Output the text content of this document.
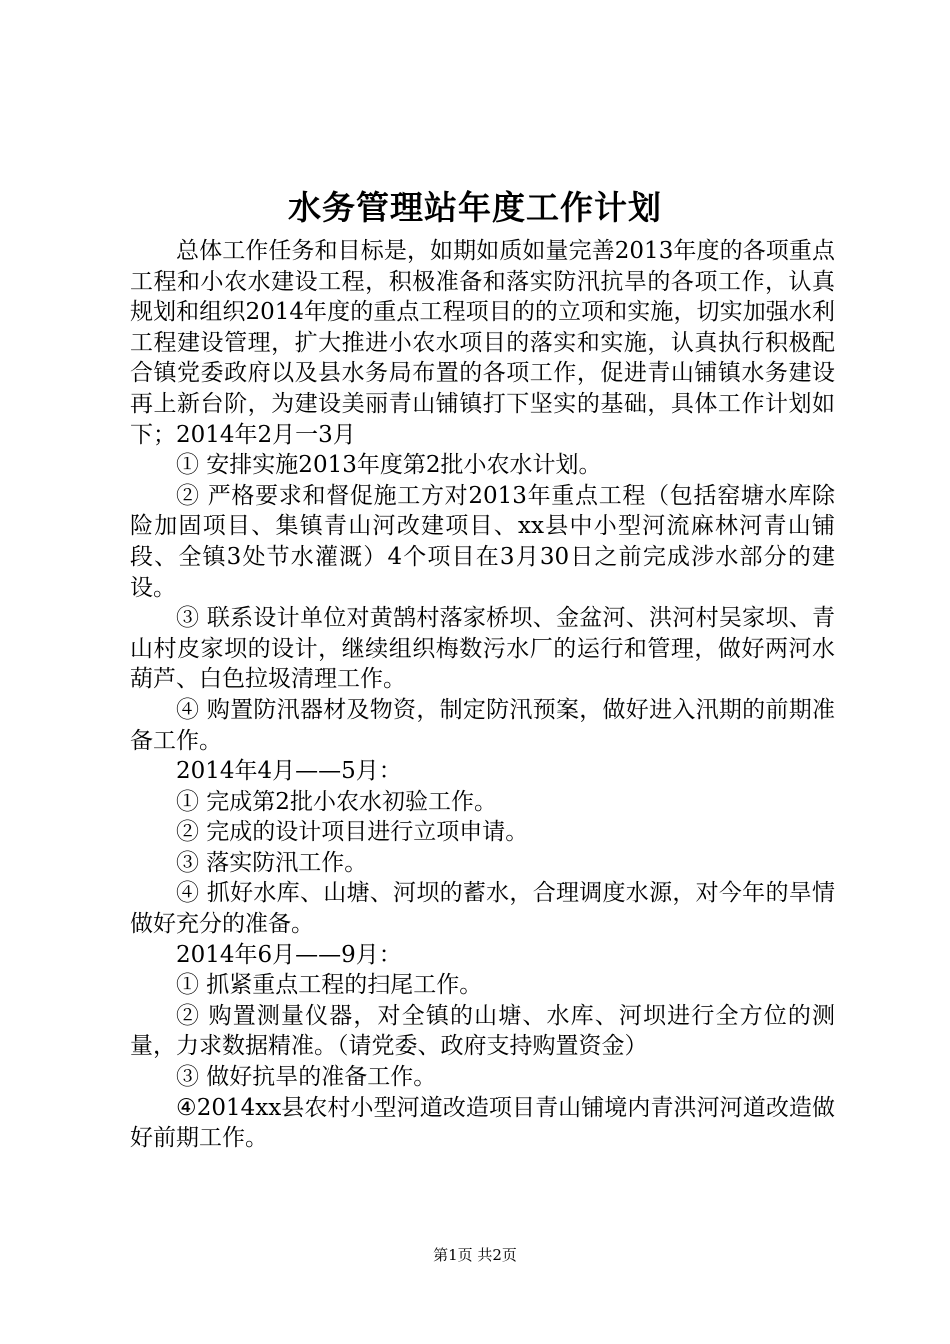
水务管理站年度工作计划

总体工作任务和目标是，如期如质如量完善2013年度的各项重点工程和小农水建设工程，积极准备和落实防汛抗旱的各项工作，认真规划和组织2014年度的重点工程项目的的立项和实施，切实加强水利工程建设管理，扩大推进小农水项目的落实和实施，认真执行积极配合镇党委政府以及县水务局布置的各项工作，促进青山铺镇水务建设再上新台阶，为建设美丽青山铺镇打下坚实的基础，具体工作计划如下；2014年2月一3月

① 安排实施2013年度第2批小农水计划。

② 严格要求和督促施工方对2013年重点工程（包括窑塘水库除险加固项目、集镇青山河改建项目、xx县中小型河流麻林河青山铺段、全镇3处节水灌溉）4个项目在3月30日之前完成涉水部分的建设。

③ 联系设计单位对黄鹄村落家桥坝、金盆河、洪河村吴家坝、青山村皮家坝的设计，继续组织梅数污水厂的运行和管理，做好两河水葫芦、白色拉圾清理工作。

④ 购置防汛器材及物资，制定防汛预案，做好进入汛期的前期准备工作。

2014年4月——5月：

① 完成第2批小农水初验工作。

② 完成的设计项目进行立项申请。

③ 落实防汛工作。

④ 抓好水库、山塘、河坝的蓄水，合理调度水源，对今年的旱情做好充分的准备。

2014年6月——9月：

① 抓紧重点工程的扫尾工作。

② 购置测量仪器，对全镇的山塘、水库、河坝进行全方位的测量，力求数据精准。（请党委、政府支持购置资金）

③ 做好抗旱的准备工作。

④2014xx县农村小型河道改造项目青山铺境内青洪河河道改造做好前期工作。

第1页 共2页
